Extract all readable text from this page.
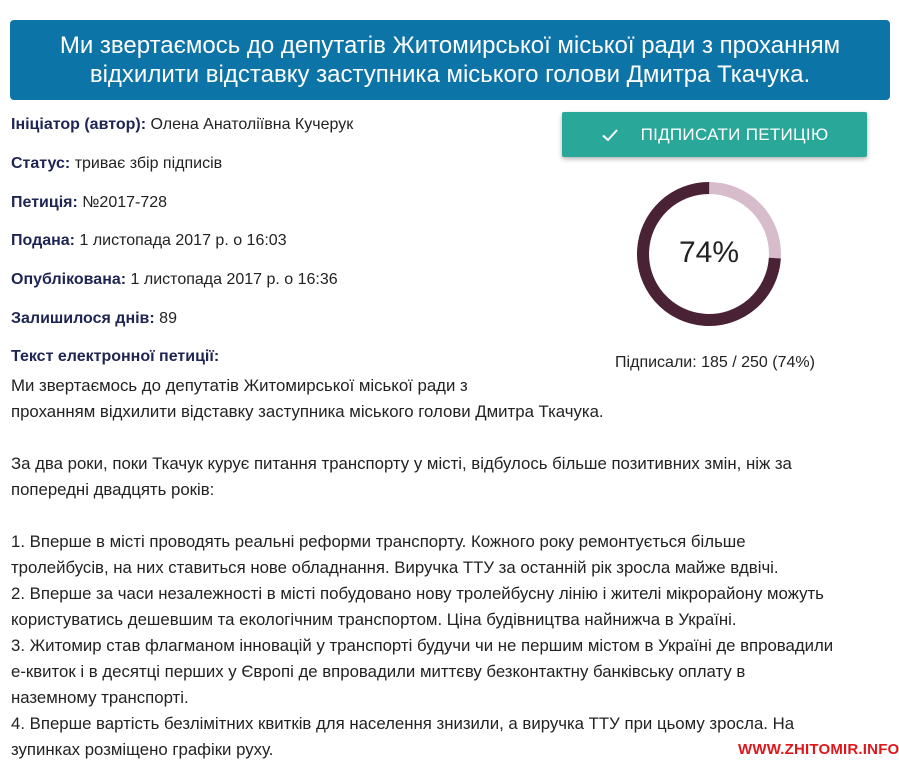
Ми звертаємось до депутатів Житомирської міської ради з проханням відхилити відставку заступника міського голови Дмитра Ткачука.
Ініціатор (автор): Олена Анатоліївна Кучерук
Статус: триває збір підписів
Петиція: №2017-728
Подана: 1 листопада 2017 р. о 16:03
Опублікована: 1 листопада 2017 р. о 16:36
Залишилося днів: 89
Текст електронної петиції:
Ми звертаємось до депутатів Житомирської міської ради з
проханням відхилити відставку заступника міського голови Дмитра Ткачука.
За два роки, поки Ткачук курує питання транспорту у місті, відбулось більше позитивних змін, ніж за
попередні двадцять років:
1. Вперше в місті проводять реальні реформи транспорту. Кожного року ремонтується більше
тролейбусів, на них ставиться нове обладнання. Виручка ТТУ за останній рік зросла майже вдвічі.
2. Вперше за часи незалежності в місті побудовано нову тролейбусну лінію і жителі мікрорайону можуть
користуватись дешевшим та екологічним транспортом. Ціна будівництва найнижча в Україні.
3. Житомир став флагманом інновацій у транспорті будучи чи не першим містом в Україні де впровадили
е-квиток і в десятці перших у Європі де впровадили миттєву безконтактну банківську оплату в
наземному транспорті.
4. Вперше вартість безлімітних квитків для населення знизили, а виручка ТТУ при цьому зросла. На
зупинках розміщено графіки руху.
ПІДПИСАТИ ПЕТИЦІЮ
74%
Підписали: 185 / 250 (74%)
WWW.ZHITOMIR.INFO
